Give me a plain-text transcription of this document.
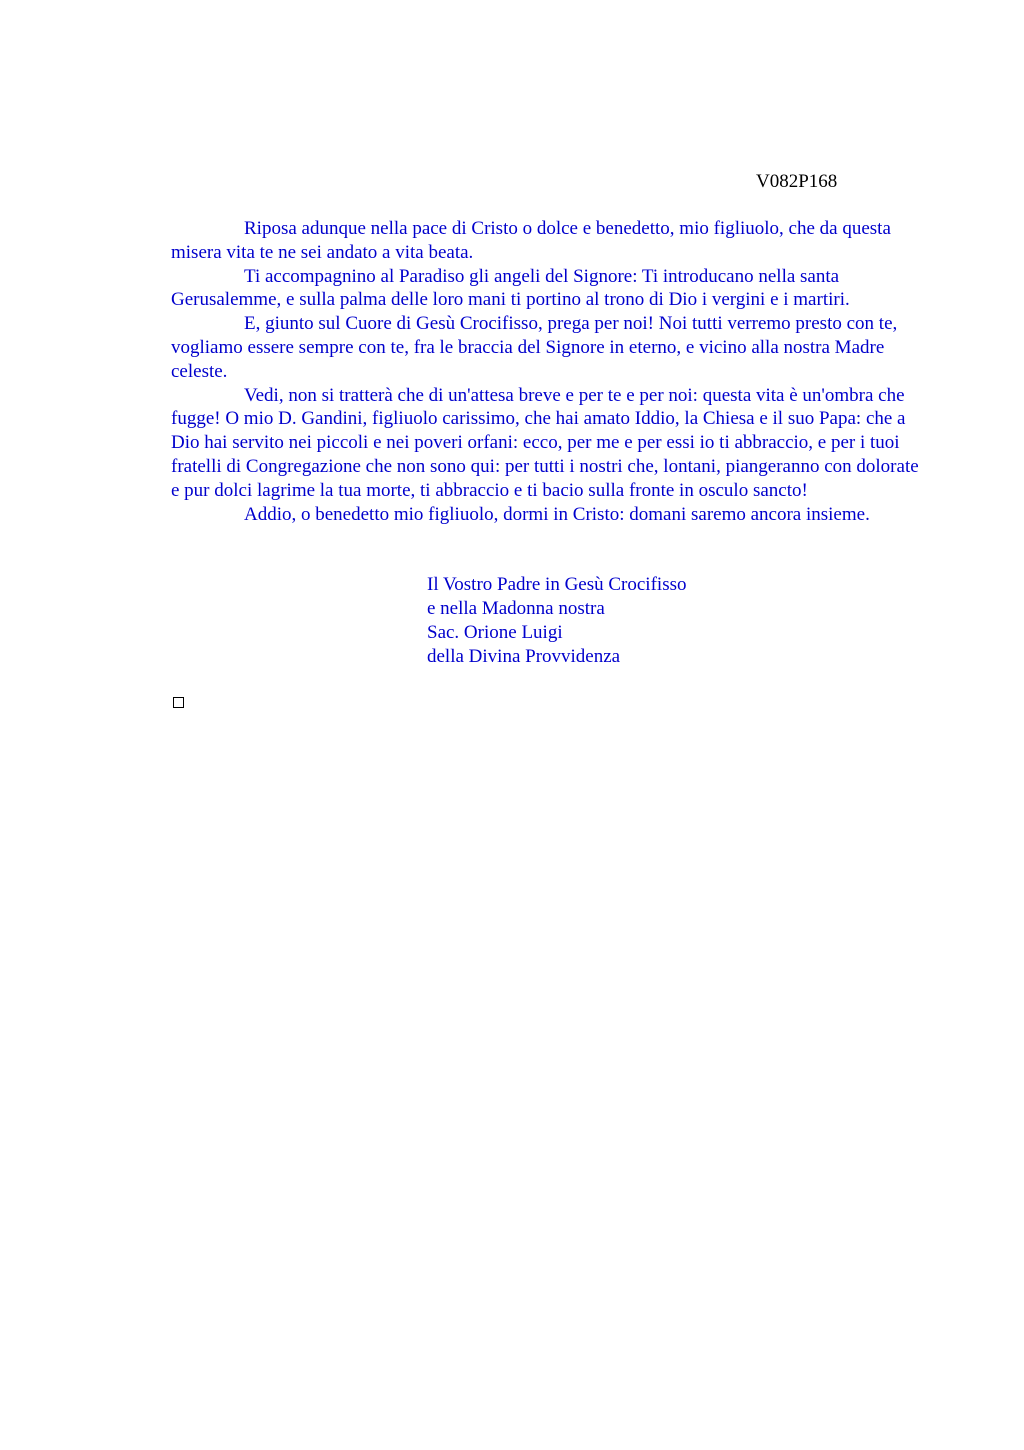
V082P168

Riposa adunque nella pace di Cristo o dolce e benedetto, mio figliuolo, che da questa misera vita te ne sei andato a vita beata.

Ti accompagnino al Paradiso gli angeli del Signore: Ti introducano nella santa Gerusalemme, e sulla palma delle loro mani ti portino al trono di Dio i vergini e i martiri.

E, giunto sul Cuore di Gesù Crocifisso, prega per noi! Noi tutti verremo presto con te, vogliamo essere sempre con te, fra le braccia del Signore in eterno, e vicino alla nostra Madre celeste.

Vedi, non si tratterà che di un'attesa breve e per te e per noi: questa vita è un'ombra che fugge! O mio D. Gandini, figliuolo carissimo, che hai amato Iddio, la Chiesa e il suo Papa: che a Dio hai servito nei piccoli e nei poveri orfani: ecco, per me e per essi io ti abbraccio, e per i tuoi fratelli di Congregazione che non sono qui: per tutti i nostri che, lontani, piangeranno con dolorate e pur dolci lagrime la tua morte, ti abbraccio e ti bacio sulla fronte in osculo sancto!

Addio, o benedetto mio figliuolo, dormi in Cristo: domani saremo ancora insieme.

Il Vostro Padre in Gesù Crocifisso
e nella Madonna nostra
Sac. Orione Luigi
della Divina Provvidenza
